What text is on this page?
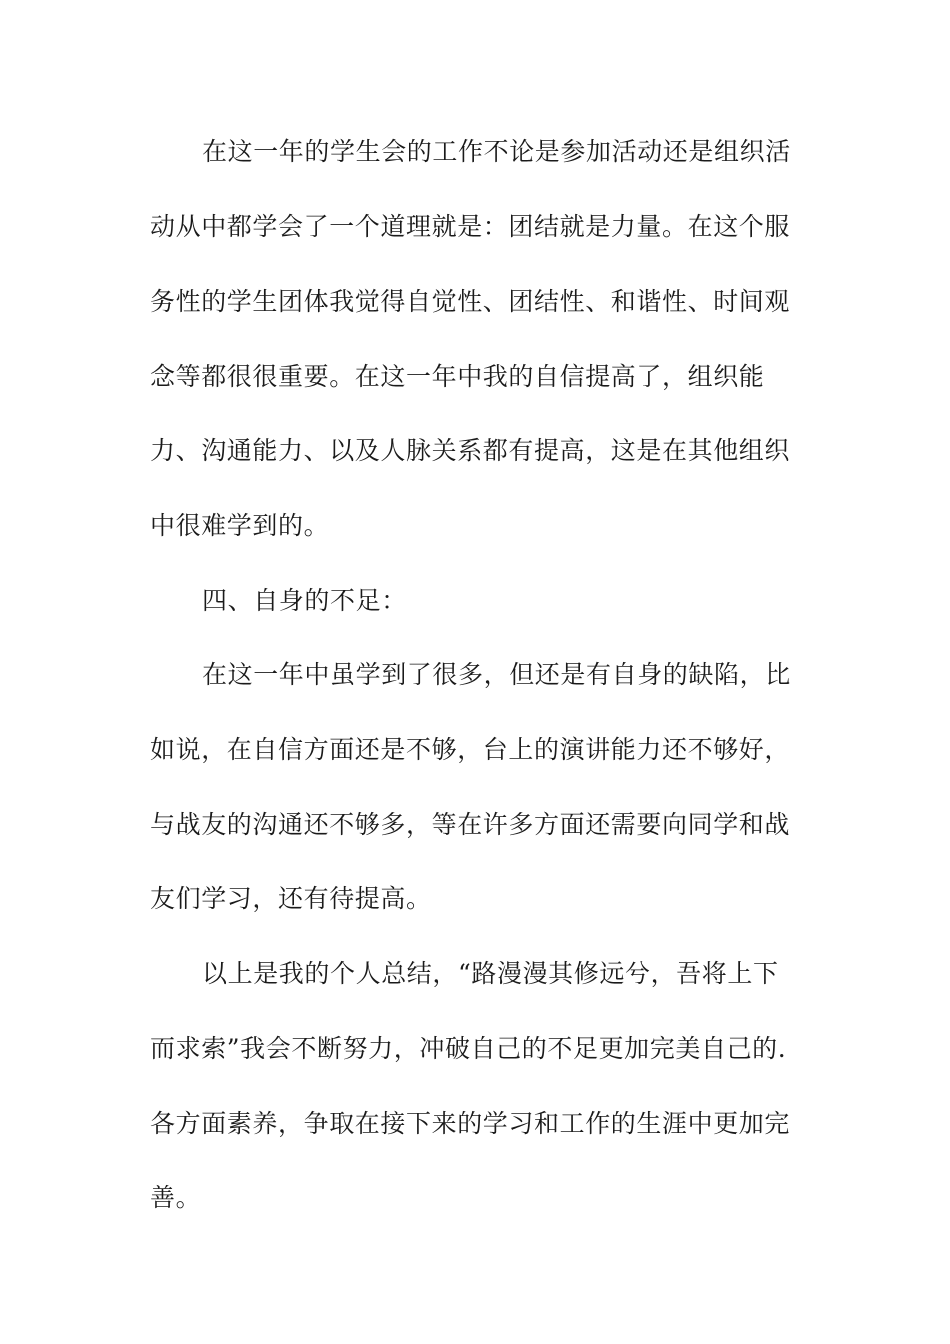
在这一年的学生会的工作不论是参加活动还是组织活

动从中都学会了一个道理就是：团结就是力量。在这个服

务性的学生团体我觉得自觉性、团结性、和谐性、时间观

念等都很很重要。在这一年中我的自信提高了，组织能

力、沟通能力、以及人脉关系都有提高，这是在其他组织

中很难学到的。

四、自身的不足：

在这一年中虽学到了很多，但还是有自身的缺陷，比

如说，在自信方面还是不够，台上的演讲能力还不够好，

与战友的沟通还不够多，等在许多方面还需要向同学和战

友们学习，还有待提高。

以上是我的个人总结，“路漫漫其修远兮，吾将上下

而求索”我会不断努力，冲破自己的不足更加完美自己的.

各方面素养，争取在接下来的学习和工作的生涯中更加完

善。
